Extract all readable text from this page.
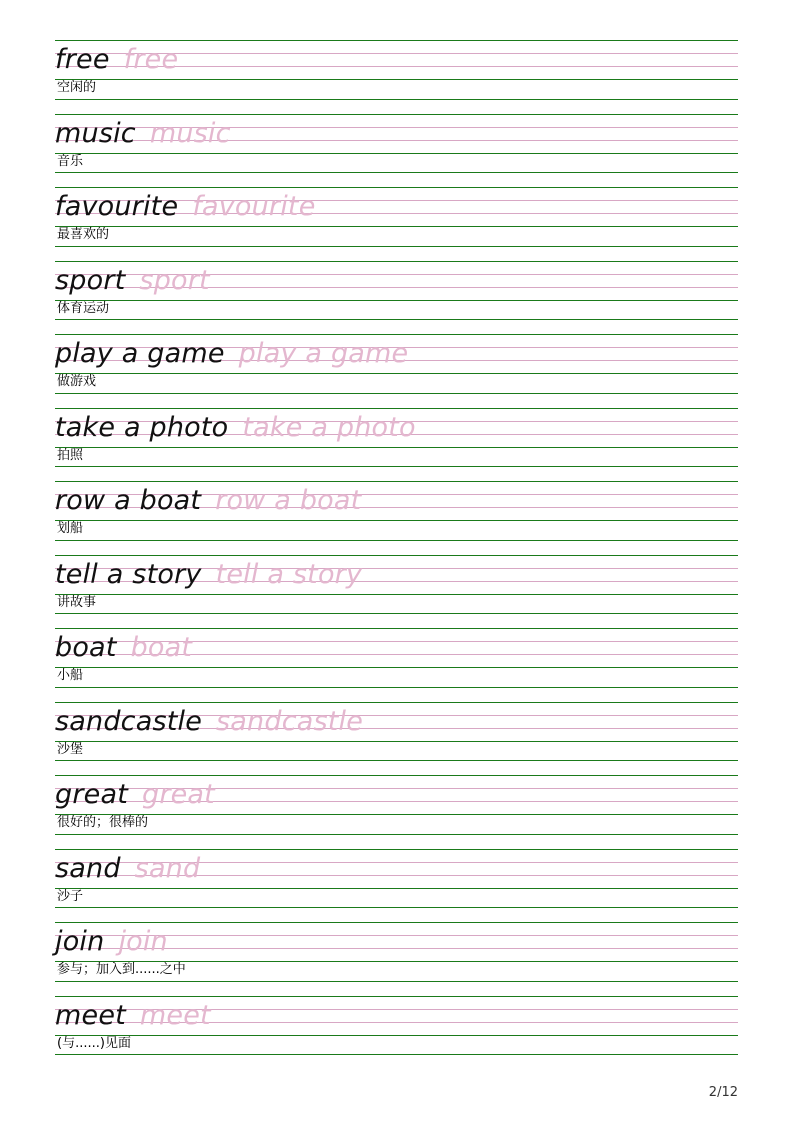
free free
空闲的
music music
音乐
favourite favourite
最喜欢的
sport sport
体育运动
play a game play a game
做游戏
take a photo take a photo
拍照
row a boat row a boat
划船
tell a story tell a story
讲故事
boat boat
小船
sandcastle sandcastle
沙堡
great great
很好的；很棒的
sand sand
沙子
join join
参与；加入到......之中
meet meet
(与......)见面
2/12
